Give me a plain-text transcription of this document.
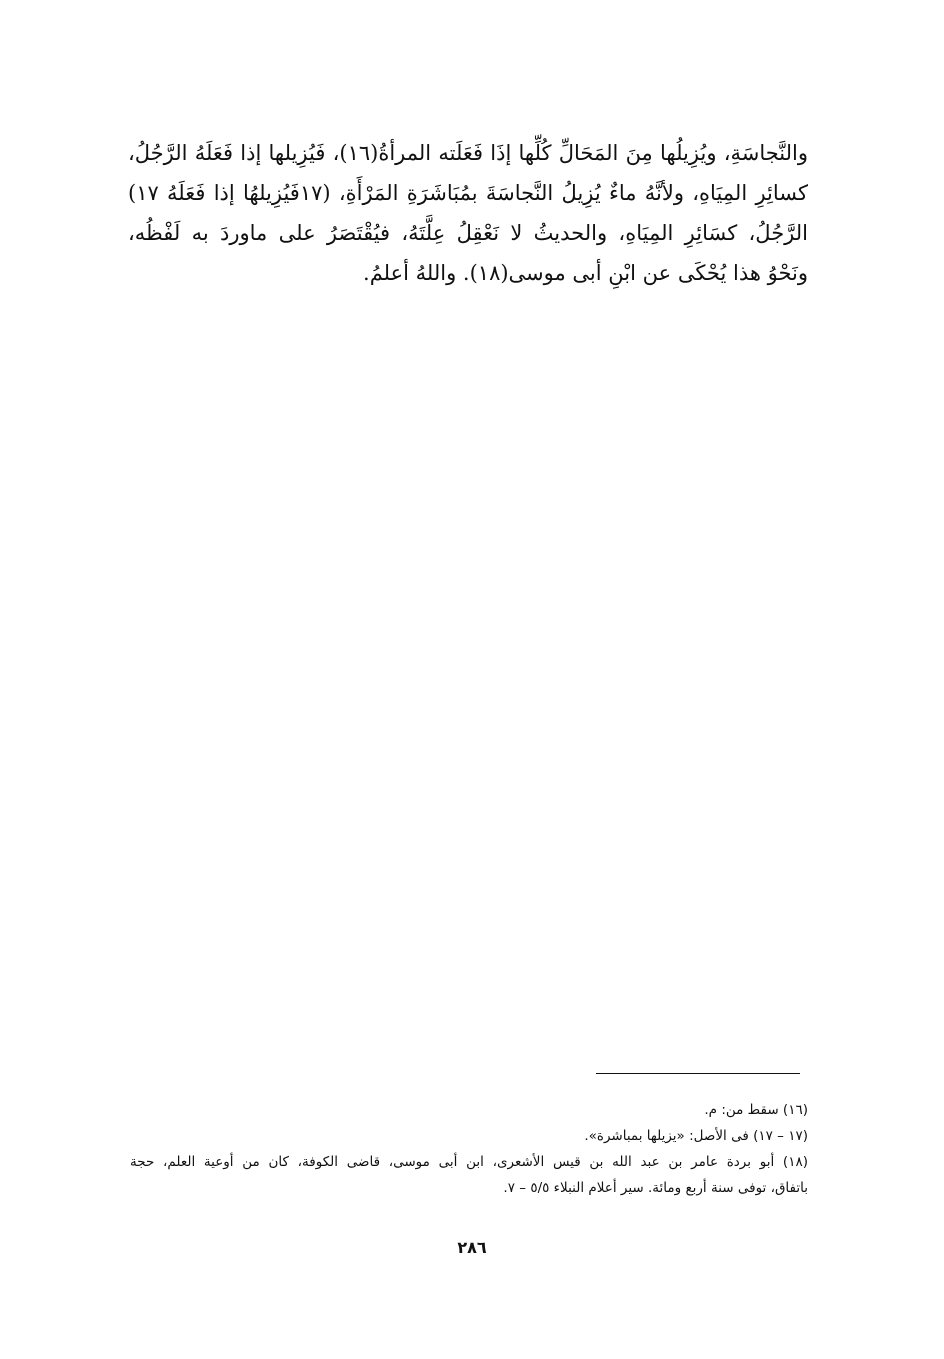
والنَّجاسَةِ، ويُزِيلُها مِنَ المَحَالِّ كُلِّها إذَا فَعَلَته المرأةُ(١٦)، فَيُزِيلها إذا فَعَلَهُ الرَّجُلُ،
كسائِرِ المِيَاهِ، ولأنَّهُ ماءٌ يُزِيلُ النَّجاسَةَ بمُبَاشَرَةِ المَرْأَةِ، (١٧فَيُزِيلهُا إذا فَعَلَهُ ١٧)
الرَّجُلُ، كسَائِرِ المِيَاهِ، والحديثُ لا نَعْقِلُ عِلَّتَهُ، فيُقْتَصَرُ على ماوردَ به لَفْظُه،
ونَحْوُ هذا يُحْكَى عن ابْنِ أبى موسى(١٨). واللهُ أعلمُ.
(١٦) سقط من: م.
(١٧ – ١٧) فى الأصل: «يزيلها بمباشرة».
(١٨) أبو بردة عامر بن عبد الله بن قيس الأشعرى، ابن أبى موسى، قاضى الكوفة، كان من أوعية العلم، حجة
باتفاق، توفى سنة أربع ومائة. سير أعلام النبلاء ٥/٥ – ٧.
٢٨٦
